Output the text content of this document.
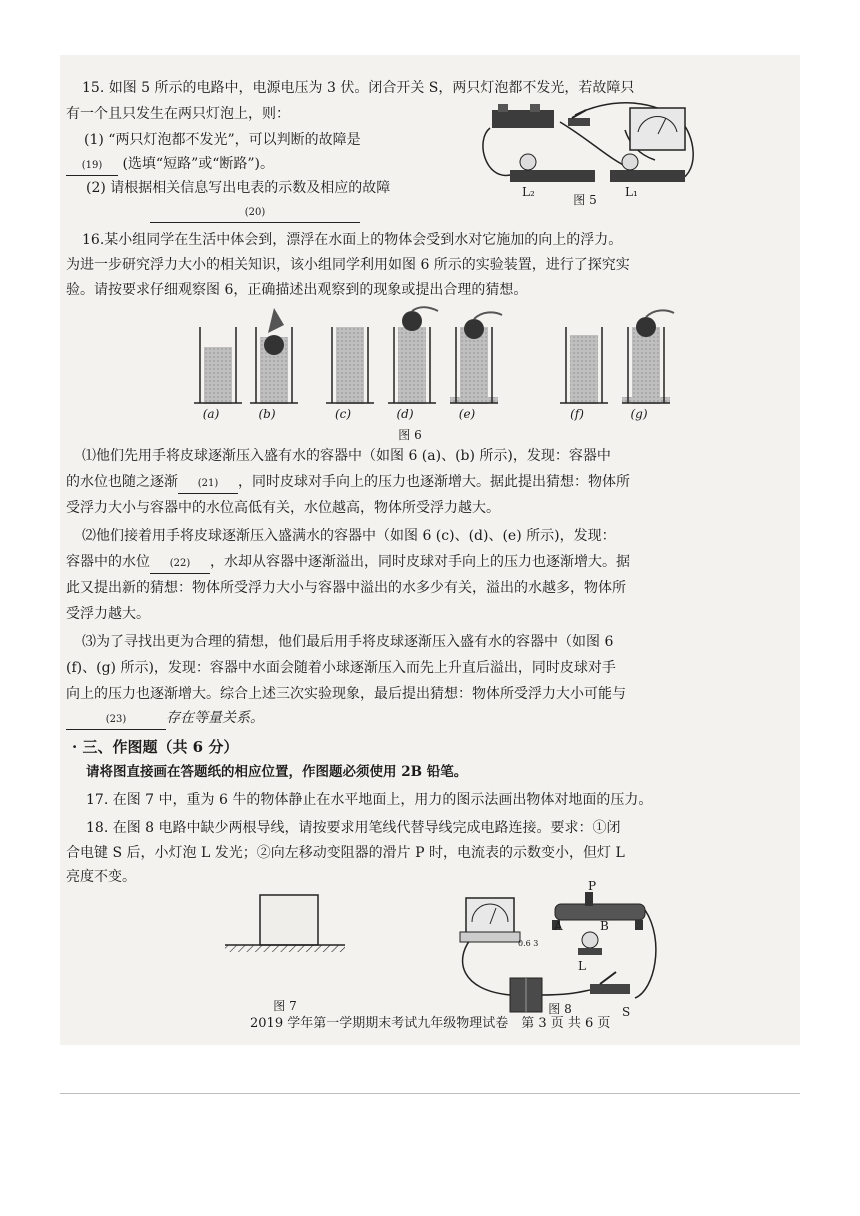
15. 如图 5 所示的电路中，电源电压为 3 伏。闭合开关 S，两只灯泡都不发光，若故障只
有一个且只发生在两只灯泡上，则：
(1) “两只灯泡都不发光”，可以判断的故障是
(19) (选填“短路”或“断路”)。
(2) 请根据相关信息写出电表的示数及相应的故障
(20)
L₂	L₁
图 5
16.某小组同学在生活中体会到，漂浮在水面上的物体会受到水对它施加的向上的浮力。
为进一步研究浮力大小的相关知识，该小组同学利用如图 6 所示的实验装置，进行了探究实
验。请按要求仔细观察图 6，正确描述出观察到的现象或提出合理的猜想。
(a)	(b)	(c)	(d)	(e)	(f)	(g)
图 6
⑴他们先用手将皮球逐渐压入盛有水的容器中（如图 6 (a)、(b) 所示)，发现：容器中
的水位也随之逐渐 (21) ，同时皮球对手向上的压力也逐渐增大。据此提出猜想：物体所
受浮力大小与容器中的水位高低有关，水位越高，物体所受浮力越大。
⑵他们接着用手将皮球逐渐压入盛满水的容器中（如图 6 (c)、(d)、(e) 所示)，发现：
容器中的水位 (22) ，水却从容器中逐渐溢出，同时皮球对手向上的压力也逐渐增大。据
此又提出新的猜想：物体所受浮力大小与容器中溢出的水多少有关，溢出的水越多，物体所
受浮力越大。
⑶为了寻找出更为合理的猜想，他们最后用手将皮球逐渐压入盛有水的容器中（如图 6
(f)、(g) 所示)，发现：容器中水面会随着小球逐渐压入而先上升直后溢出，同时皮球对手
向上的压力也逐渐增大。综合上述三次实验现象，最后提出猜想：物体所受浮力大小可能与
(23)	存在等量关系。
· 三、作图题（共 6 分）
请将图直接画在答题纸的相应位置，作图题必须使用 2B 铅笔。
17. 在图 7 中，重为 6 牛的物体静止在水平地面上，用力的图示法画出物体对地面的压力。
18. 在图 8 电路中缺少两根导线，请按要求用笔线代替导线完成电路连接。要求：①闭
合电键 S 后，小灯泡 L 发光；②向左移动变阻器的滑片 P 时，电流表的示数变小，但灯 L
亮度不变。
图 7
0.6 3
P
A	B
L
S
图 8
2019 学年第一学期期末考试九年级物理试卷　第 3 页 共 6 页
